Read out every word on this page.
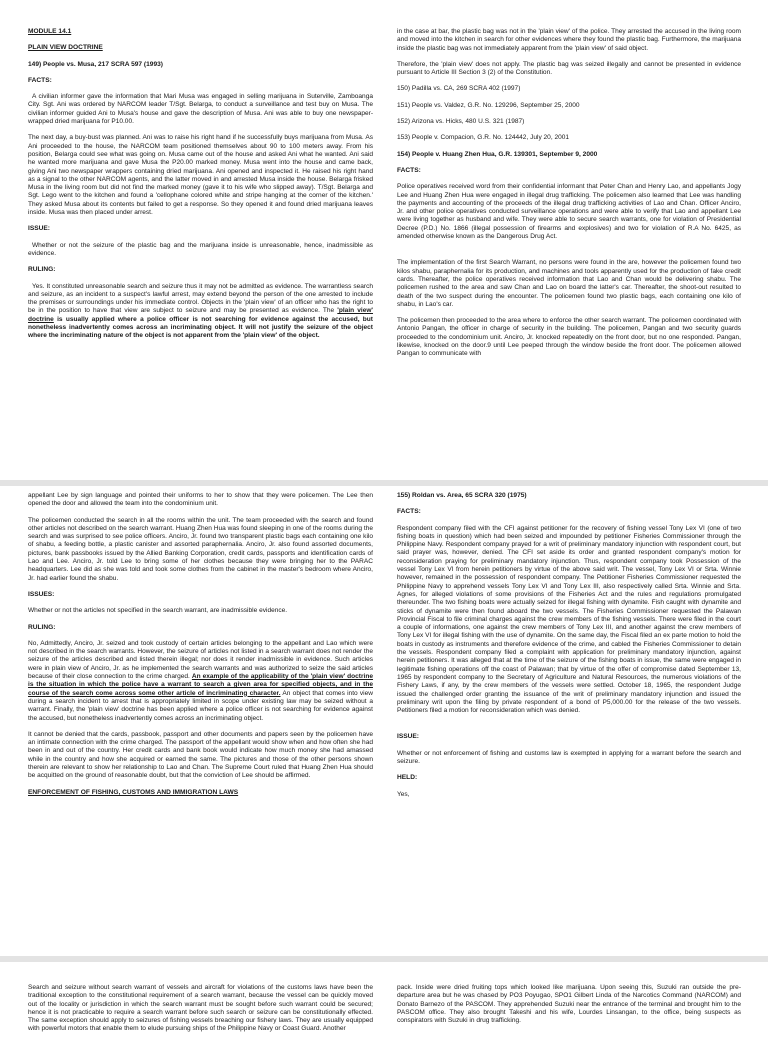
MODULE 14.1

PLAIN VIEW DOCTRINE

149) People vs. Musa, 217 SCRA 597 (1993)

FACTS:

A civilian informer gave the information that Mari Musa was engaged in selling marijuana in Suterville, Zamboanga City. Sgt. Ani was ordered by NARCOM leader T/Sgt. Belarga, to conduct a surveillance and test buy on Musa. The civilian informer guided Ani to Musa's house and gave the description of Musa. Ani was able to buy one newspaper-wrapped dried marijuana for P10.00.

The next day, a buy-bust was planned. Ani was to raise his right hand if he successfully buys marijuana from Musa. As Ani proceeded to the house, the NARCOM team positioned themselves about 90 to 100 meters away. From his position, Belarga could see what was going on. Musa came out of the house and asked Ani what he wanted. Ani said he wanted more marijuana and gave Musa the P20.00 marked money. Musa went into the house and came back, giving Ani two newspaper wrappers containing dried marijuana. Ani opened and inspected it. He raised his right hand as a signal to the other NARCOM agents, and the latter moved in and arrested Musa inside the house. Belarga frisked Musa in the living room but did not find the marked money (gave it to his wife who slipped away). T/Sgt. Belarga and Sgt. Lego went to the kitchen and found a 'cellophane colored white and stripe hanging at the corner of the kitchen.' They asked Musa about its contents but failed to get a response. So they opened it and found dried marijuana leaves inside. Musa was then placed under arrest.

ISSUE:

Whether or not the seizure of the plastic bag and the marijuana inside is unreasonable, hence, inadmissible as evidence.

RULING:

Yes. It constituted unreasonable search and seizure thus it may not be admitted as evidence. The warrantless search and seizure, as an incident to a suspect's lawful arrest, may extend beyond the person of the one arrested to include the premises or surroundings under his immediate control. Objects in the 'plain view' of an officer who has the right to be in the position to have that view are subject to seizure and may be presented as evidence. The 'plain view' doctrine is usually applied where a police officer is not searching for evidence against the accused, but nonetheless inadvertently comes across an incriminating object. It will not justify the seizure of the object where the incriminating nature of the object is not apparent from the 'plain view' of the object.

in the case at bar, the plastic bag was not in the 'plain view' of the police. They arrested the accused in the living room and moved into the kitchen in search for other evidences where they found the plastic bag. Furthermore, the marijuana inside the plastic bag was not immediately apparent from the 'plain view' of said object.

Therefore, the 'plain view' does not apply. The plastic bag was seized illegally and cannot be presented in evidence pursuant to Article III Section 3 (2) of the Constitution.

150) Padilla vs. CA, 269 SCRA 402 (1997)

151) People vs. Valdez, G.R. No. 129296, September 25, 2000

152) Arizona vs. Hicks, 480 U.S. 321 (1987)

153) People v. Compacion, G.R. No. 124442, July 20, 2001

154) People v. Huang Zhen Hua, G.R. 139301, September 9, 2000

FACTS:

Police operatives received word from their confidential informant that Peter Chan and Henry Lao, and appellants Jogy Lee and Huang Zhen Hua were engaged in illegal drug trafficking. The policemen also learned that Lee was handling the payments and accounting of the proceeds of the illegal drug trafficking activities of Lao and Chan. Officer Anciro, Jr. and other police operatives conducted surveillance operations and were able to verify that Lao and appellant Lee were living together as husband and wife. They were able to secure search warrants, one for violation of Presidential Decree (P.D.) No. 1866 (illegal possession of firearms and explosives) and two for violation of R.A No. 6425, as amended otherwise known as the Dangerous Drug Act.

The implementation of the first Search Warrant, no persons were found in the are, however the policemen found two kilos shabu, paraphernalia for its production, and machines and tools apparently used for the production of fake credit cards. Thereafter, the police operatives received information that Lao and Chan would be delivering shabu. The policemen rushed to the area and saw Chan and Lao on board the latter's car. Thereafter, the shoot-out resulted to death of the two suspect during the encounter. The policemen found two plastic bags, each containing one kilo of shabu, in Lao's car.

The policemen then proceeded to the area where to enforce the other search warrant. The policemen coordinated with Antonio Pangan, the officer in charge of security in the building. The policemen, Pangan and two security guards proceeded to the condominium unit. Anciro, Jr. knocked repeatedly on the front door, but no one responded. Pangan, likewise, knocked on the door.9 until Lee peeped through the window beside the front door. The policemen allowed Pangan to communicate with

appellant Lee by sign language and pointed their uniforms to her to show that they were policemen. The Lee then opened the door and allowed the team into the condominium unit.

The policemen conducted the search in all the rooms within the unit. The team proceeded with the search and found other articles not described on the search warrant. Huang Zhen Hua was found sleeping in one of the rooms during the search and was surprised to see police officers. Anciro, Jr. found two transparent plastic bags each containing one kilo of shabu, a feeding bottle, a plastic canister and assorted paraphernalia. Anciro, Jr. also found assorted documents, pictures, bank passbooks issued by the Allied Banking Corporation, credit cards, passports and identification cards of Lao and Lee. Anciro, Jr. told Lee to bring some of her clothes because they were bringing her to the PARAC headquarters. Lee did as she was told and took some clothes from the cabinet in the master's bedroom where Anciro, Jr. had earlier found the shabu.

ISSUES:

Whether or not the articles not specified in the search warrant, are inadmissible evidence.

RULING:

No, Admittedly, Anciro, Jr. seized and took custody of certain articles belonging to the appellant and Lao which were not described in the search warrants. However, the seizure of articles not listed in a search warrant does not render the seizure of the articles described and listed therein illegal; nor does it render inadmissible in evidence. Such articles were in plain view of Anciro, Jr. as he implemented the search warrants and was authorized to seize the said articles because of their close connection to the crime charged. An example of the applicability of the 'plain view' doctrine is the situation in which the police have a warrant to search a given area for specified objects, and in the course of the search come across some other article of incriminating character. An object that comes into view during a search incident to arrest that is appropriately limited in scope under existing law may be seized without a warrant. Finally, the 'plain view' doctrine has been applied where a police officer is not searching for evidence against the accused, but nonetheless inadvertently comes across an incriminating object.

It cannot be denied that the cards, passbook, passport and other documents and papers seen by the policemen have an intimate connection with the crime charged. The passport of the appellant would show when and how often she had been in and out of the country. Her credit cards and bank book would indicate how much money she had amassed while in the country and how she acquired or earned the same. The pictures and those of the other persons shown therein are relevant to show her relationship to Lao and Chan. The Supreme Court ruled that Huang Zhen Hua should be acquitted on the ground of reasonable doubt, but that the conviction of Lee should be affirmed.

ENFORCEMENT OF FISHING, CUSTOMS AND IMMIGRATION LAWS

155) Roldan vs. Area, 65 SCRA 320 (1975)

FACTS:

Respondent company filed with the CFI against petitioner for the recovery of fishing vessel Tony Lex VI (one of two fishing boats in question) which had been seized and impounded by petitioner Fisheries Commissioner through the Philippine Navy. Respondent company prayed for a writ of preliminary mandatory injunction with respondent court, but said prayer was, however, denied. The CFI set aside its order and granted respondent company's motion for reconsideration praying for preliminary mandatory injunction. Thus, respondent company took Possession of the vessel Tony Lex VI from herein petitioners by virtue of the above said writ. The vessel, Tony Lex VI or Srta. Winnie however, remained in the possession of respondent company. The Petitioner Fisheries Commissioner requested the Philippine Navy to apprehend vessels Tony Lex VI and Tony Lex III, also respectively called Srta. Winnie and Srta. Agnes, for alleged violations of some provisions of the Fisheries Act and the rules and regulations promulgated thereunder. The two fishing boats were actually seized for illegal fishing with dynamite. Fish caught with dynamite and sticks of dynamite were then found aboard the two vessels. The Fisheries Commissioner requested the Palawan Provincial Fiscal to file criminal charges against the crew members of the fishing vessels. There were filed in the court a couple of informations, one against the crew members of Tony Lex III, and another against the crew members of Tony Lex VI for illegal fishing with the use of dynamite. On the same day, the Fiscal filed an ex parte motion to hold the boats in custody as instruments and therefore evidence of the crime, and cabled the Fisheries Commissioner to detain the vessels. Respondent company filed a complaint with application for preliminary mandatory injunction, against herein petitioners. It was alleged that at the time of the seizure of the fishing boats in issue, the same were engaged in legitimate fishing operations off the coast of Palawan; that by virtue of the offer of compromise dated September 13, 1965 by respondent company to the Secretary of Agriculture and Natural Resources, the numerous violations of the Fishery Laws, if any, by the crew members of the vessels were settled. October 18, 1965, the respondent Judge issued the challenged order granting the issuance of the writ of preliminary mandatory injunction and issued the preliminary writ upon the filing by private respondent of a bond of P5,000.00 for the release of the two vessels. Petitioners filed a motion for reconsideration which was denied.

ISSUE:

Whether or not enforcement of fishing and customs law is exempted in applying for a warrant before the search and seizure.

HELD:

Yes,

Search and seizure without search warrant of vessels and aircraft for violations of the customs laws have been the traditional exception to the constitutional requirement of a search warrant, because the vessel can be quickly moved out of the locality or jurisdiction in which the search warrant must be sought before such warrant could be secured; hence it is not practicable to require a search warrant before such search or seizure can be constitutionally effected. The same exception should apply to seizures of fishing vessels breaching our fishery laws. They are usually equipped with powerful motors that enable them to elude pursuing ships of the Philippine Navy or Coast Guard. Another

pack. Inside were dried fruiting tops which looked like marijuana. Upon seeing this, Suzuki ran outside the pre-departure area but he was chased by PO3 Poyugao, SPO1 Gilbert Linda of the Narcotics Command (NARCOM) and Donato Barnezo of the PASCOM. They apprehended Suzuki near the entrance of the terminal and brought him to the PASCOM office. They also brought Takeshi and his wife, Lourdes Linsangan, to the office, being suspects as conspirators with Suzuki in drug trafficking.
